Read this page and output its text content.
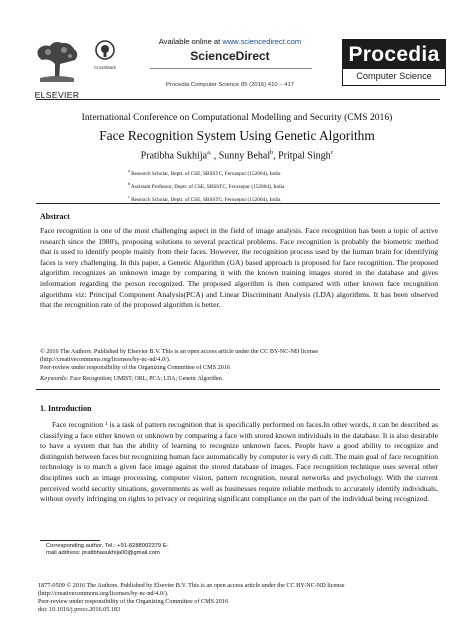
ELSEVIER
CrossMark
Available online at www.sciencedirect.com
ScienceDirect
Procedia Computer Science 85 (2016) 410 – 417
Procedia
Computer Science
International Conference on Computational Modelling and Security (CMS 2016)
Face Recognition System Using Genetic Algorithm
Pratibha Sukhija$^{a,}$ , Sunny Behal$^b$, Pritpal Singh$^c$
$^a$ Research Scholar, Deptt. of CSE, SBSSTC, Ferozepur (152004), India
$^b$ Assistant Professor, Deptt. of CSE, SBSSTC, Ferozepur (152004), India
$^c$ Research Scholar, Deptt. of CSE, SBSSTC, Ferozepur (152004), India
Abstract
Face recognition is one of the most challenging aspect in the field of image analysis. Face recognition has been a topic of active research since the 1980's, proposing solutions to several practical problems. Face recognition is probably the biometric method that is used to identify people mainly from their faces. However, the recognition process used by the human brain for identifying faces is very challenging. In this paper, a Genetic Algorithm (GA) based approach is proposed for face recognition. The proposed algorithm recognizes an unknown image by comparing it with the known training images stored in the database and gives information regarding the person recognized. The proposed algorithm is then compared with other known face recognition algorithms viz: Principal Component Analysis(PCA) and Linear Discriminant Analysis (LDA) algorithms. It has been observed that the recognition rate of the proposed algorithm is better.
© 2016 The Authors. Published by Elsevier B.V. This is an open access article under the CC BY-NC-ND license
(http://creativecommons.org/licenses/by-nc-nd/4.0/).
Peer-review under responsibility of the Organizing Committee of CMS 2016
Keywords: Face Recognition; UMIST; ORL; PCA; LDA; Genetic Algorithm.
1. Introduction
Face recognition ¹ is a task of pattern recognition that is specifically performed on faces.In other words, it can be described as classifying a face either known or unknown by comparing a face with stored known individuals in the database. It is also desirable to have a system that has the ability of learning to recognize unknown faces. People have a good ability to recognize and distinguish between faces but recognizing human face automatically by computer is very di cult. The main goal of face recognition technology is to match a given face image against the stored database of images. Face recognition technique uses several other disciplines such as image processing, computer vision, pattern recognition, neural networks and psychology. With the current perceived world security situations, governments as well as businesses require reliable methods to accurately identify individuals, without overly infringing on rights to privacy or requiring significant compliance on the part of the individual being recognized.
Corresponding author. Tel.: +91-8288002379 E-
mail address: pratibhasukhija00@gmail.com
1877-0509 © 2016 The Authors. Published by Elsevier B.V. This is an open access article under the CC BY-NC-ND license
(http://creativecommons.org/licenses/by-nc-nd/4.0/).
Peer-review under responsibility of the Organizing Committee of CMS 2016
doi: 10.1016/j.procs.2016.05.183
